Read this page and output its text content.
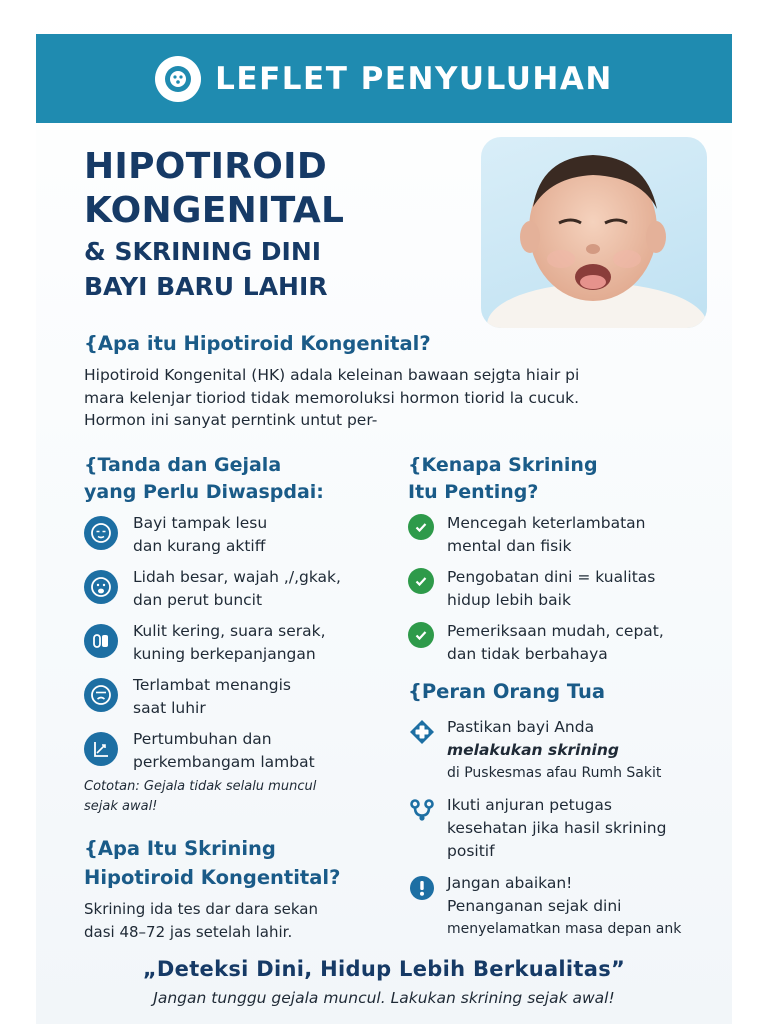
LEFLET PENYULUHAN
HIPOTIROID
KONGENITAL
& SKRINING DINI
BAYI BARU LAHIR
{Apa itu Hipotiroid Kongenital?
Hipotiroid Kongenital (HK) adala keleinan bawaan sejgta hiair pi
mara kelenjar tioriod tidak memoroluksi hormon tiorid la cucuk.
Hormon ini sanyat perntink untut per-
{Tanda dan Gejala
yang Perlu Diwaspdai:
Bayi tampak lesu
dan kurang aktiff
Lidah besar, wajah ,/,gkak,
dan perut buncit
Kulit kering, suara serak,
kuning berkepanjangan
Terlambat menangis
saat luhir
Pertumbuhan dan
perkembangam lambat
Cototan: Gejala tidak selalu muncul
sejak awal!
{Apa Itu Skrining
Hipotiroid Kongentital?
Skrining ida tes dar dara sekan
dasi 48–72 jas setelah lahir.
{Kenapa Skrining
Itu Penting?
Mencegah keterlambatan
mental dan fisik
Pengobatan dini = kualitas
hidup lebih baik
Pemeriksaan mudah, cepat,
dan tidak berbahaya
{Peran Orang Tua
Pastikan bayi Anda
melakukan skrining
di Puskesmas afau Rumh Sakit
Ikuti anjuran petugas
kesehatan jika hasil skrining
positif
Jangan abaikan!
Penanganan sejak dini
menyelamatkan masa depan ank
„Deteksi Dini, Hidup Lebih Berkualitas”
Jangan tunggu gejala muncul. Lakukan skrining sejak awal!
